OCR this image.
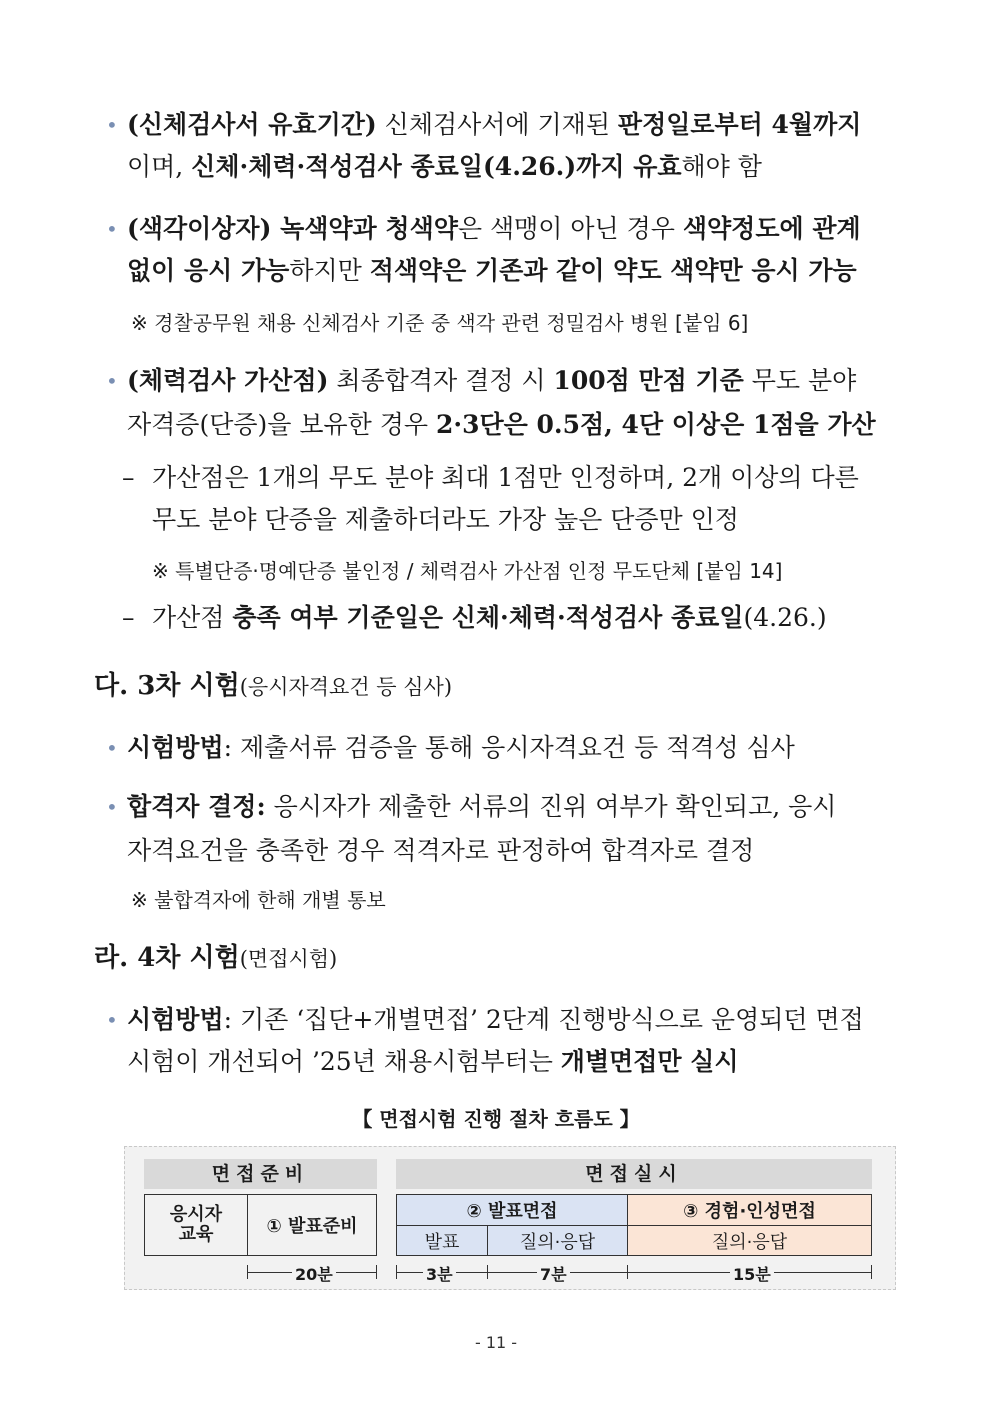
• (신체검사서 유효기간) 신체검사서에 기재된 판정일로부터 4월까지
이며, 신체·체력·적성검사 종료일(4.26.)까지 유효해야 함
• (색각이상자) 녹색약과 청색약은 색맹이 아닌 경우 색약정도에 관계
없이 응시 가능하지만 적색약은 기존과 같이 약도 색약만 응시 가능
※ 경찰공무원 채용 신체검사 기준 중 색각 관련 정밀검사 병원 [붙임 6]
• (체력검사 가산점) 최종합격자 결정 시 100점 만점 기준 무도 분야
자격증(단증)을 보유한 경우 2·3단은 0.5점, 4단 이상은 1점을 가산
– 가산점은 1개의 무도 분야 최대 1점만 인정하며, 2개 이상의 다른
무도 분야 단증을 제출하더라도 가장 높은 단증만 인정
※ 특별단증·명예단증 불인정 / 체력검사 가산점 인정 무도단체 [붙임 14]
– 가산점 충족 여부 기준일은 신체·체력·적성검사 종료일(4.26.)
다. 3차 시험(응시자격요건 등 심사)
• 시험방법: 제출서류 검증을 통해 응시자격요건 등 적격성 심사
• 합격자 결정: 응시자가 제출한 서류의 진위 여부가 확인되고, 응시
자격요건을 충족한 경우 적격자로 판정하여 합격자로 결정
※ 불합격자에 한해 개별 통보
라. 4차 시험(면접시험)
• 시험방법: 기존 ‘집단+개별면접’ 2단계 진행방식으로 운영되던 면접
시험이 개선되어 ’25년 채용시험부터는 개별면접만 실시
【 면접시험 진행 절차 흐름도 】
면접준비	면접실시
응시자
교육	① 발표준비
② 발표면접	③ 경험·인성면접
발표	질의·응답	질의·응답
20분	3분	7분	15분
- 11 -
